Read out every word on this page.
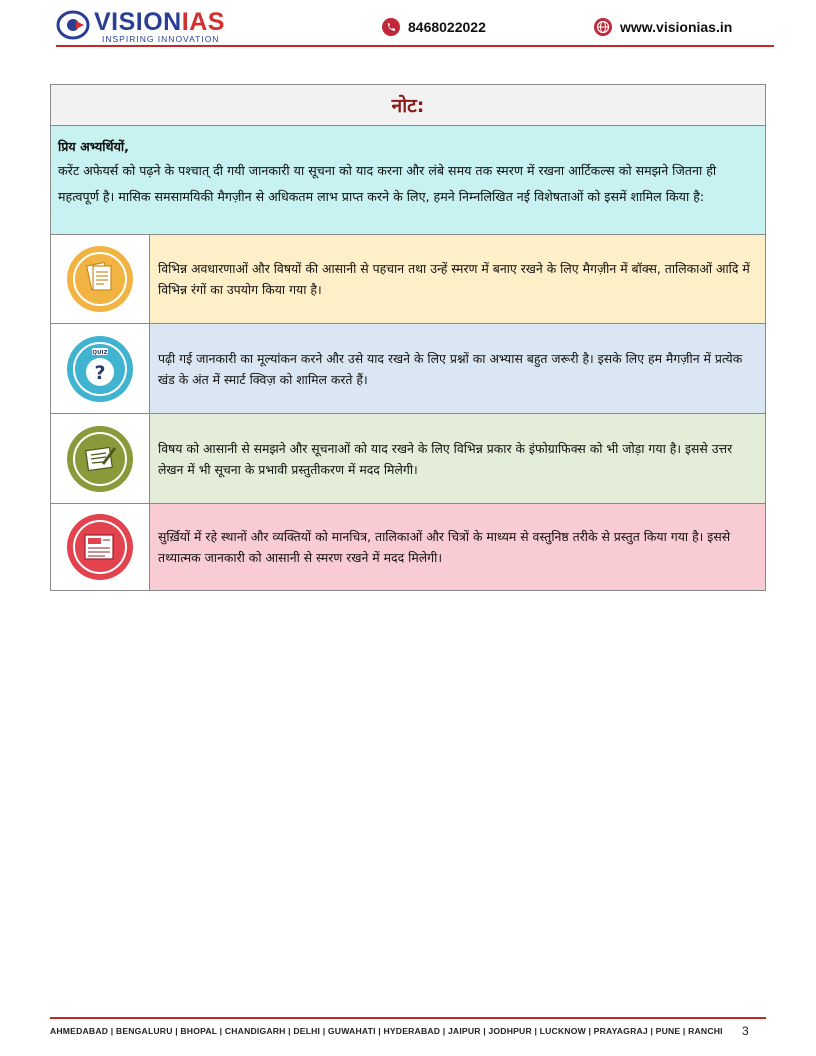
VISIONIAS
INSPIRING INNOVATION
8468022022	www.visionias.in
नोट:
प्रिय अभ्यर्थियों,
करेंट अफेयर्स को पढ़ने के पश्चात् दी गयी जानकारी या सूचना को याद करना और लंबे समय तक स्मरण में रखना आर्टिकल्स को समझने जितना ही महत्वपूर्ण है। मासिक समसामयिकी मैगज़ीन से अधिकतम लाभ प्राप्त करने के लिए, हमने निम्नलिखित नई विशेषताओं को इसमें शामिल किया है:
विभिन्न अवधारणाओं और विषयों की आसानी से पहचान तथा उन्हें स्मरण में बनाए रखने के लिए मैगज़ीन में बॉक्स, तालिकाओं आदि में विभिन्न रंगों का उपयोग किया गया है।
?
QUIZ	पढ़ी गई जानकारी का मूल्यांकन करने और उसे याद रखने के लिए प्रश्नों का अभ्यास बहुत जरूरी है। इसके लिए हम मैगज़ीन में प्रत्येक खंड के अंत में स्मार्ट क्विज़ को शामिल करते हैं।
विषय को आसानी से समझने और सूचनाओं को याद रखने के लिए विभिन्न प्रकार के इंफोग्राफिक्स को भी जोड़ा गया है। इससे उत्तर लेखन में भी सूचना के प्रभावी प्रस्तुतीकरण में मदद मिलेगी।
सुर्ख़ियों में रहे स्थानों और व्यक्तियों को मानचित्र, तालिकाओं और चित्रों के माध्यम से वस्तुनिष्ठ तरीके से प्रस्तुत किया गया है। इससे तथ्यात्मक जानकारी को आसानी से स्मरण रखने में मदद मिलेगी।
AHMEDABAD | BENGALURU | BHOPAL | CHANDIGARH | DELHI | GUWAHATI | HYDERABAD | JAIPUR | JODHPUR | LUCKNOW | PRAYAGRAJ | PUNE | RANCHI 3
